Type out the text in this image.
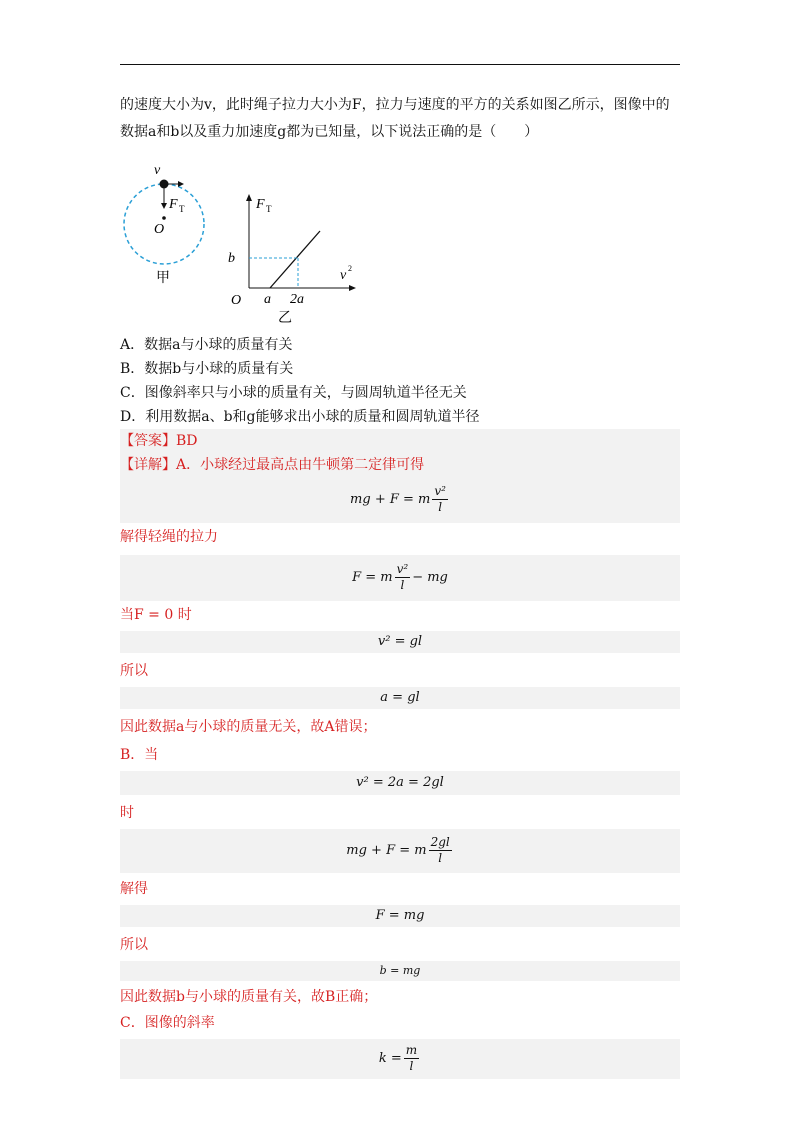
的速度大小为v，此时绳子拉力大小为F，拉力与速度的平方的关系如图乙所示，图像中的

数据a和b以及重力加速度g都为已知量，以下说法正确的是（　　）

v
F T
O
甲
F T
b
v 2
O a 2a
乙

A．数据a与小球的质量有关

B．数据b与小球的质量有关

C．图像斜率只与小球的质量有关，与圆周轨道半径无关

D．利用数据a、b和g能够求出小球的质量和圆周轨道半径

【答案】BD

【详解】A．小球经过最高点由牛顿第二定律可得

mg + F = m $\frac{\text{v²}}{l}$

解得轻绳的拉力

F = m $\frac{\text{v²}}{l}$ − mg

当F = 0 时

v² = gl

所以

a = gl

因此数据a与小球的质量无关，故A错误；

B．当

v² = 2a = 2gl

时

mg + F = m $\frac{2gl}{l}$

解得

F = mg

所以

b = mg

因此数据b与小球的质量有关，故B正确；

C．图像的斜率

$k = \frac{m}{l}$
